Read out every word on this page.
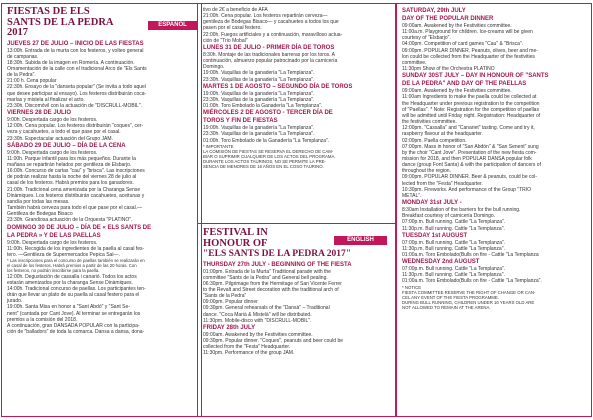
FIESTAS DE ELS
SANTS DE LA PEDRA
2017
JUEVES 27 DE JULIO – INICIO DE LAS FIESTAS
13:00h. Entrada de la murta con los festeros, y volteo general
de campanas.
18:30h. Subida de la imagen en Romería. A continuación.
Ornamentación de la calle con el tradicional Arco de "Els Sants
de la Pedra".
21:00 h. Cena popular
22:30h. Ensayo de la "danseta popular" (Se invita a todo aquel
que desee participar al ensayo). Los festeros distribuirán coca-
marías y mistela al finalizar el acto.
23:30h. Discomóvil con la actuación de "DISCRULL-MOBIL".
VIERNES 28 DE JULIO
9:00h. Despertada cargo de los festeros.
12:00h. Cena popular. Los festeros distribuirán "coques", cer-
veza y cacahuetes, a todo el que pase por el casal.
23:30h. Espectacular actuación del Grupo JAM.
SÁBADO 29 DE JULIO – DÍA DE LA CENA
9:00h. Despertada cargo de los festeros.
11:00h. Parque infantil para los más pequeños. Durante la
mañana se repartirán helados por gentileza de Elsbarjo.
16:00h. Concurso de cartas "cau" y "brisca". Las inscripciones
de podrán realizar hasta la noche del viernes 28 de julio al
casal de los festeros. Habrá premios para los ganadores.
21:00h. Tradicional cena amenizada por la Charanga Sense
Dinàmiques. Los festeros distribuirán cacahuetes, aceitunas y
sandía por todas las mesas.
También habrá cerveza para todo el que pase por el casal.—
Gentileza de Bodegas Bisaco
23:30h. Grandiosa actuación de la Orquesta "PLATINO".
DOMINGO 30 DE JULIO – DÍA DE « ELS SANTS DE
LA PEDRA » Y DE LAS PAELLAS
9:00h. Despertada cargo de los festeros.
11:00h. Recogida de los ingredientes de la paella al casal fes-
tero. —Gentileza de Supermercados Pepica Sal—.
* Las inscripciones para el concurso de paellas también se realizarán en
el casal de los festeros. Habrá premios a partir de las 20 horas. Con
los festeros, no podrán inscribirse para la paella.
12:00h. Degustación de cassalla i canarió. Todos los actos
estarán amenizados por la charanga Sense Dinàmiques.
14:00h. Tradicional concurso de paellas. Los participantes ten-
drán que llevar un plato de su paella al casal festero para el
jurado.
19:00h. Santa Misa en honor a "Sant Abdó" y "Sant Se-
nent" (cantada por Cant Jove). Al terminar se entregarán los
premios a la comisión del 2018.
A continuación, gran DANSADA POPULAR con la participa-
ción de "balladors" de toda la comarca. Dansa a dansa, dona-
ESPAÑOL
tivo de 2€ a beneficio de AFA
21:00h. Cena popular. Los festeros repartirán cerveza—
gentileza de Bodegas Bisaco— y cacahuetes a todos los que
pasen por el casal festero.
22:00h. Fuegos artificiales y a continuación, maravilloso actua-
ción de "Trio Mobal"
LUNES 31 DE JULIO - PRIMER DÍA DE TOROS
8:30h. Montaje de las tradicionales barreras por los toros. A
continuación, almuerzo popular patrocinado por la carnicería
Domingo.
19:00h. Vaquillas de la ganadería "La Templanza".
23:30h. Vaquillas de la ganadería "La Templanza".
MARTES 1 DE AGOSTO – SEGUNDO DÍA DE TOROS
19:00h. Vaquillas de la ganadería "La Templanza".
23:30h. Vaquillas de la ganadería "La Templanza".
01:00h. Toro Embolado la Ganadería "La Templanza".
MIÉRCOLES 2 DE AGOSTO - TERCER DÍA DE
TOROS Y FIN DE FIESTAS
19:00h. Vaquillas de la ganadería "La Templanza".
23:30h. Vaquillas de la ganadería "La Templanza".
01:00h. Toro Embolado de la Ganadería "La Templanza".
* IMPORTANTE
LA COMISIÓN DE FIESTAS SE RESERVA EL DERECHO DE CAM-
BIAR O SUPRIMIR CUALQUIER DE LOS ACTOS DEL PROGRAMA.
DURANTE LOS ACTOS TAURINOS, NO SE PERMITE LA PRE-
SENCIA DE MENORES DE 16 AÑOS EN EL COSO TAURINO.
FESTIVAL IN
HONOUR OF
"ELS SANTS DE LA PEDRA 2017"
THURSDAY 27th JULY - BEGINNING OF THE FIESTA
01:00pm. Entrada de la Murta" Traditional parade with the
committee "Sants de la Pedra" and General bell pealing.
06:30pm. Pilgrimage from the Hermitage of San Vicente Ferrer
to the Revalt and Street decoration with the traditional arch of
"Sants de la Pedra"
09:00pm. Popular dinner
09:30pm. General rehearsals of the "Dansà" – Traditional
dance. "Coca Marià & Mistelà" will be distributed.
11:30pm. Mobile-disco with "DISCRULL-MOBIL".
FRIDAY 28th JULY
09:00am. Awakened by the Festivities committee.
09:30pm. Popular dinner. "Coques", peanuts and beer could be
collected from the "Festa" Headquarter.
11:30pm. Performance of the group JAM.
ENGLISH
SATURDAY, 29th JULY
DAY OF THE POPULAR DINNER
09:00am. Awakened by the Festivities committee.
11:00a.m. Playground for children. Ice-creams will be given
courtesy of "Elsbarjo".
04:00pm. Competition of card games "Cau" & "Brisca".
09:00pm. POPULAR DINNER. Peanuts, olives, beer and me-
lon could be collected from the Headquarter of the festivities
committee.
11:30pm Show of the Orchestra PLATINO
SUNDAY 30ST JULY – DAY IN HONOUR OF "SANTS
DE LA PEDRA" AND DAY OF THE PAELLAS
09:00am. Awakened by the Festivities committee.
11:00am Ingredients to make the paella could be collected at
the Headquarter under previous registration to the competition
of "Paellas". * Note: Registration for the competition of paellas
will be admitted until Friday night. Registration: Headquarter of
the festivities committee.
12:00pm. "Cassalla" and "Canariet" tasting. Come and try it,
raspberry flavour at the headquarter.
02:00pm. Paella competition.
07:00pm. Mass in honor of "San Abdón" & "San Senent" sung
by the choir "Cant Jove". Presentation of the new fiesta com-
mission for 2018, and then POPULAR DANSA popular folk
dance (group Font Santa) & with the participation of dancers of
throughout the region.
09:00pm. POPULAR DINNER. Beer & peanuts, could be col-
lected from the "Festa" Headquarter.
10:30pm. Fireworks. And performance of the Group "TRIO
METAL".
MONDAY 31st JULY -
8:30am Installation of the barriers for the bull running.
Breakfast courtesy of carnicería Domingo.
07:00p.m. Bull running. Cattle "La Templanza".
11:30p.m. Bull running. Cattle "La Templanza".
TUESDAY 1st AUGUST
07:00p.m. Bull running. Cattle "La Templanza".
11:30p.m. Bull running. Cattle "La Templanza".
01:00a.m. Toro Embolado(Bulls on fire - Cattle "La Templanza
WEDNESDAY 2nd AUGUST
07:00p.m. Bull running. Cattle "La Templanza".
11:30p.m. Bull running. Cattle "La Templanza".
01:00a.m. Toro Embolado(Bulls on fire - Cattle "La Templanza".
* NOTICE
FIESTA COMMITTEE RESERVE THE RIGHT OF CHANGE OR CAN-
CEL ANY EVENT OF THE FIESTA PROGRAMME.
DURING BULL RUNNING, CHILDREN UNDER 16 YEARS OLD ARE
NOT ALLOWED TO REMAIN AT THE ARENA.
